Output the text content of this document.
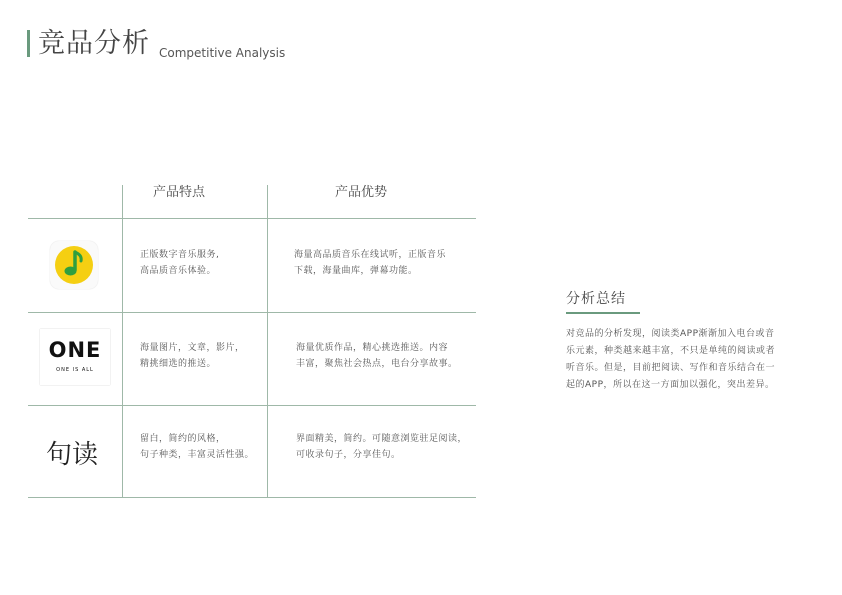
竞品分析 Competitive Analysis
产品特点	产品优势
正版数字音乐服务,
高品质音乐体验。
海量高品质音乐在线试听，正版音乐
下载，海量曲库，弹幕功能。
ONE
ONE IS ALL
海量图片，文章，影片，
精挑细选的推送。
海量优质作品，精心挑选推送。内容
丰富，聚焦社会热点，电台分享故事。
句读
留白，简约的风格，
句子种类，丰富灵活性强。
界面精美，简约。可随意浏览驻足阅读，
可收录句子，分享佳句。
分析总结
对竞品的分析发现，阅读类APP渐渐加入电台或音乐元素，种类越来越丰富，不只是单纯的阅读或者听音乐。但是，目前把阅读、写作和音乐结合在一起的APP，所以在这一方面加以强化，突出差异。
